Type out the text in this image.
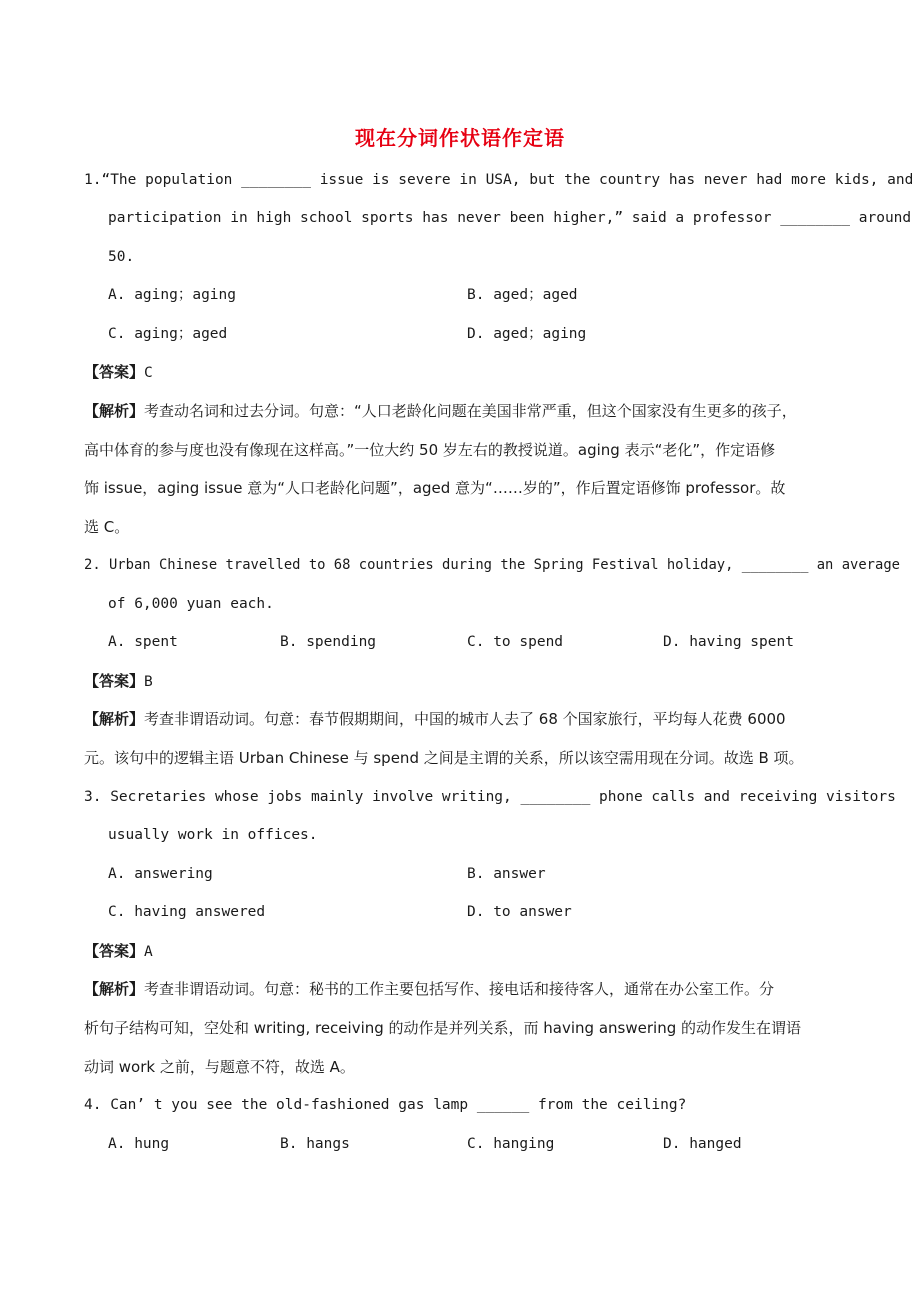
现在分词作状语作定语
1.“The population ________ issue is severe in USA, but the country has never had more kids, and
participation in high school sports has never been higher,” said a professor ________ around
50.
A. aging；aging	B. aged；aged
C. aging；aged	D. aged；aging
【答案】C
【解析】考查动名词和过去分词。句意：“人口老龄化问题在美国非常严重，但这个国家没有生更多的孩子，
高中体育的参与度也没有像现在这样高。”一位大约 50 岁左右的教授说道。aging 表示“老化”，作定语修
饰 issue，aging issue 意为“人口老龄化问题”，aged 意为“……岁的”，作后置定语修饰 professor。故
选 C。
2. Urban Chinese travelled to 68 countries during the Spring Festival holiday, ________ an average
of 6,000 yuan each.
A. spent	B. spending	C. to spend	D. having spent
【答案】B
【解析】考查非谓语动词。句意：春节假期期间，中国的城市人去了 68 个国家旅行，平均每人花费 6000
元。该句中的逻辑主语 Urban Chinese 与 spend 之间是主谓的关系，所以该空需用现在分词。故选 B 项。
3. Secretaries whose jobs mainly involve writing, ________ phone calls and receiving visitors
usually work in offices.
A. answering	B. answer
C. having answered	D. to answer
【答案】A
【解析】考查非谓语动词。句意：秘书的工作主要包括写作、接电话和接待客人，通常在办公室工作。分
析句子结构可知，空处和 writing, receiving 的动作是并列关系，而 having answering 的动作发生在谓语
动词 work 之前，与题意不符，故选 A。
4. Can’ t you see the old-fashioned gas lamp ______ from the ceiling?
A. hung	B. hangs	C. hanging	D. hanged
